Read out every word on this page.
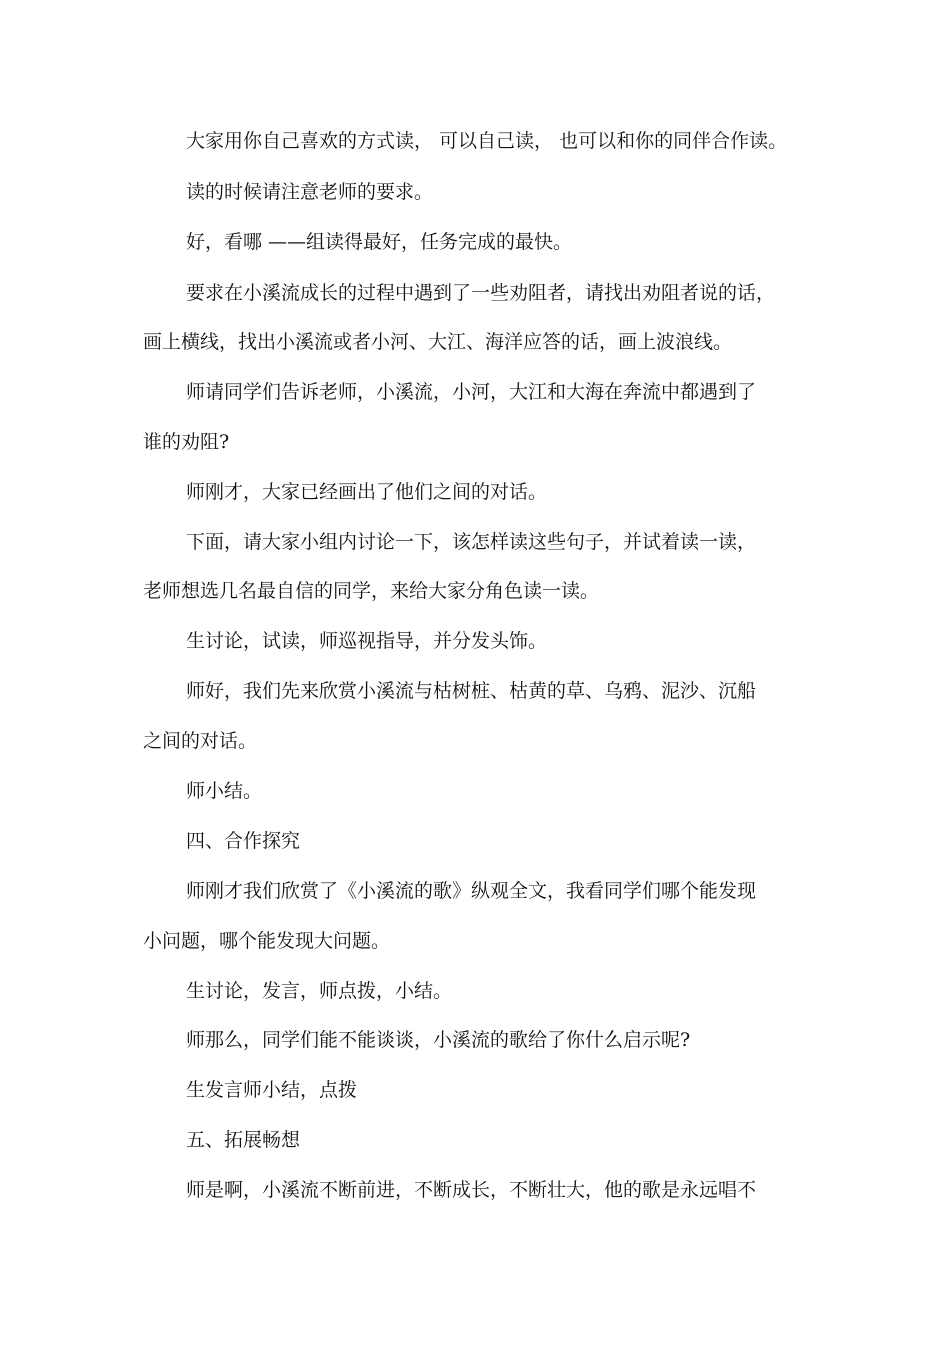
大家用你自己喜欢的方式读， 可以自己读， 也可以和你的同伴合作读。
读的时候请注意老师的要求。
好，看哪 ——组读得最好，任务完成的最快。
要求在小溪流成长的过程中遇到了一些劝阻者，请找出劝阻者说的话，
画上横线，找出小溪流或者小河、大江、海洋应答的话，画上波浪线。
师请同学们告诉老师，小溪流，小河，大江和大海在奔流中都遇到了
谁的劝阻?
师刚才，大家已经画出了他们之间的对话。
下面，请大家小组内讨论一下，该怎样读这些句子，并试着读一读，
老师想选几名最自信的同学，来给大家分角色读一读。
生讨论，试读，师巡视指导，并分发头饰。
师好，我们先来欣赏小溪流与枯树桩、枯黄的草、乌鸦、泥沙、沉船
之间的对话。
师小结。
四、合作探究
师刚才我们欣赏了《小溪流的歌》纵观全文，我看同学们哪个能发现
小问题，哪个能发现大问题。
生讨论，发言，师点拨，小结。
师那么，同学们能不能谈谈，小溪流的歌给了你什么启示呢?
生发言师小结，点拨
五、拓展畅想
师是啊，小溪流不断前进，不断成长，不断壮大，他的歌是永远唱不
